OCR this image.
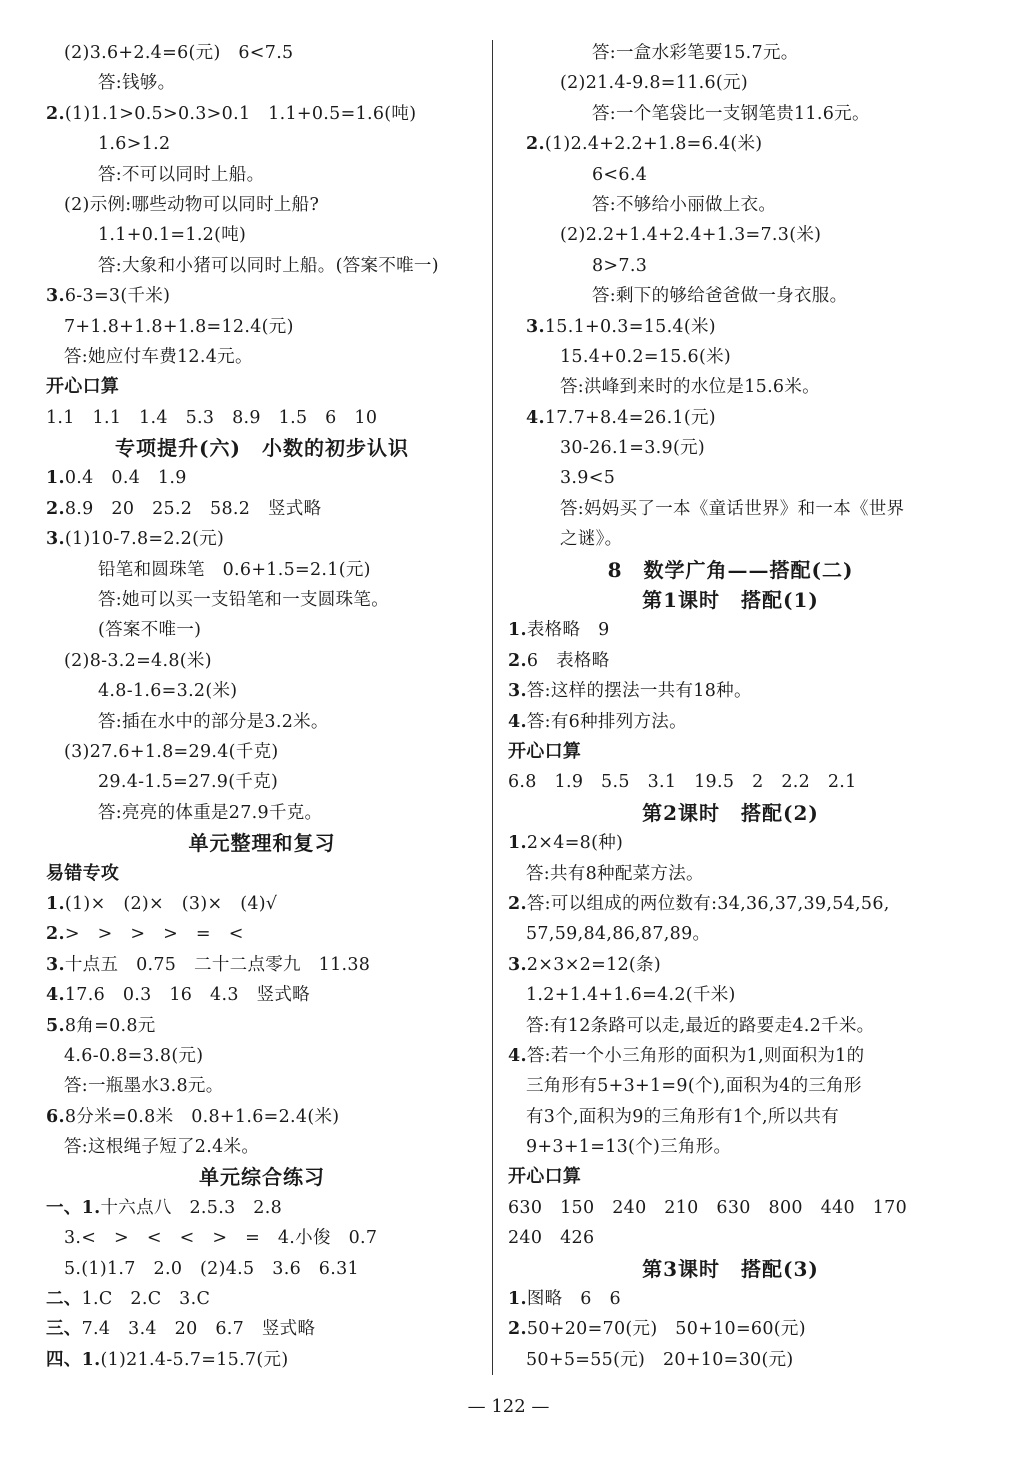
(2)3.6+2.4=6(元)　6<7.5
答:钱够。
2.(1)1.1>0.5>0.3>0.1　1.1+0.5=1.6(吨)
1.6>1.2
答:不可以同时上船。
(2)示例:哪些动物可以同时上船?
1.1+0.1=1.2(吨)
答:大象和小猪可以同时上船。(答案不唯一)
3.6-3=3(千米)
7+1.8+1.8+1.8=12.4(元)
答:她应付车费12.4元。
开心口算
1.1　1.1　1.4　5.3　8.9　1.5　6　10
专项提升(六)　小数的初步认识
1.0.4　0.4　1.9
2.8.9　20　25.2　58.2　竖式略
3.(1)10-7.8=2.2(元)
铅笔和圆珠笔　0.6+1.5=2.1(元)
答:她可以买一支铅笔和一支圆珠笔。
(答案不唯一)
(2)8-3.2=4.8(米)
4.8-1.6=3.2(米)
答:插在水中的部分是3.2米。
(3)27.6+1.8=29.4(千克)
29.4-1.5=27.9(千克)
答:亮亮的体重是27.9千克。
单元整理和复习
易错专攻
1.(1)×　(2)×　(3)×　(4)√
2.>　>　>　>　=　<
3.十点五　0.75　二十二点零九　11.38
4.17.6　0.3　16　4.3　竖式略
5.8角=0.8元
4.6-0.8=3.8(元)
答:一瓶墨水3.8元。
6.8分米=0.8米　0.8+1.6=2.4(米)
答:这根绳子短了2.4米。
单元综合练习
一、1.十六点八　2.5.3　2.8
3.<　>　<　<　>　=　4.小俊　0.7
5.(1)1.7　2.0　(2)4.5　3.6　6.31
二、1.C　2.C　3.C
三、7.4　3.4　20　6.7　竖式略
四、1.(1)21.4-5.7=15.7(元)
答:一盒水彩笔要15.7元。
(2)21.4-9.8=11.6(元)
答:一个笔袋比一支钢笔贵11.6元。
2.(1)2.4+2.2+1.8=6.4(米)
6<6.4
答:不够给小丽做上衣。
(2)2.2+1.4+2.4+1.3=7.3(米)
8>7.3
答:剩下的够给爸爸做一身衣服。
3.15.1+0.3=15.4(米)
15.4+0.2=15.6(米)
答:洪峰到来时的水位是15.6米。
4.17.7+8.4=26.1(元)
30-26.1=3.9(元)
3.9<5
答:妈妈买了一本《童话世界》和一本《世界
之谜》。
8　数学广角——搭配(二)
第1课时　搭配(1)
1.表格略　9
2.6　表格略
3.答:这样的摆法一共有18种。
4.答:有6种排列方法。
开心口算
6.8　1.9　5.5　3.1　19.5　2　2.2　2.1
第2课时　搭配(2)
1.2×4=8(种)
答:共有8种配菜方法。
2.答:可以组成的两位数有:34,36,37,39,54,56,
57,59,84,86,87,89。
3.2×3×2=12(条)
1.2+1.4+1.6=4.2(千米)
答:有12条路可以走,最近的路要走4.2千米。
4.答:若一个小三角形的面积为1,则面积为1的
三角形有5+3+1=9(个),面积为4的三角形
有3个,面积为9的三角形有1个,所以共有
9+3+1=13(个)三角形。
开心口算
630　150　240　210　630　800　440　170
240　426
第3课时　搭配(3)
1.图略　6　6
2.50+20=70(元)　50+10=60(元)
50+5=55(元)　20+10=30(元)
— 122 —
